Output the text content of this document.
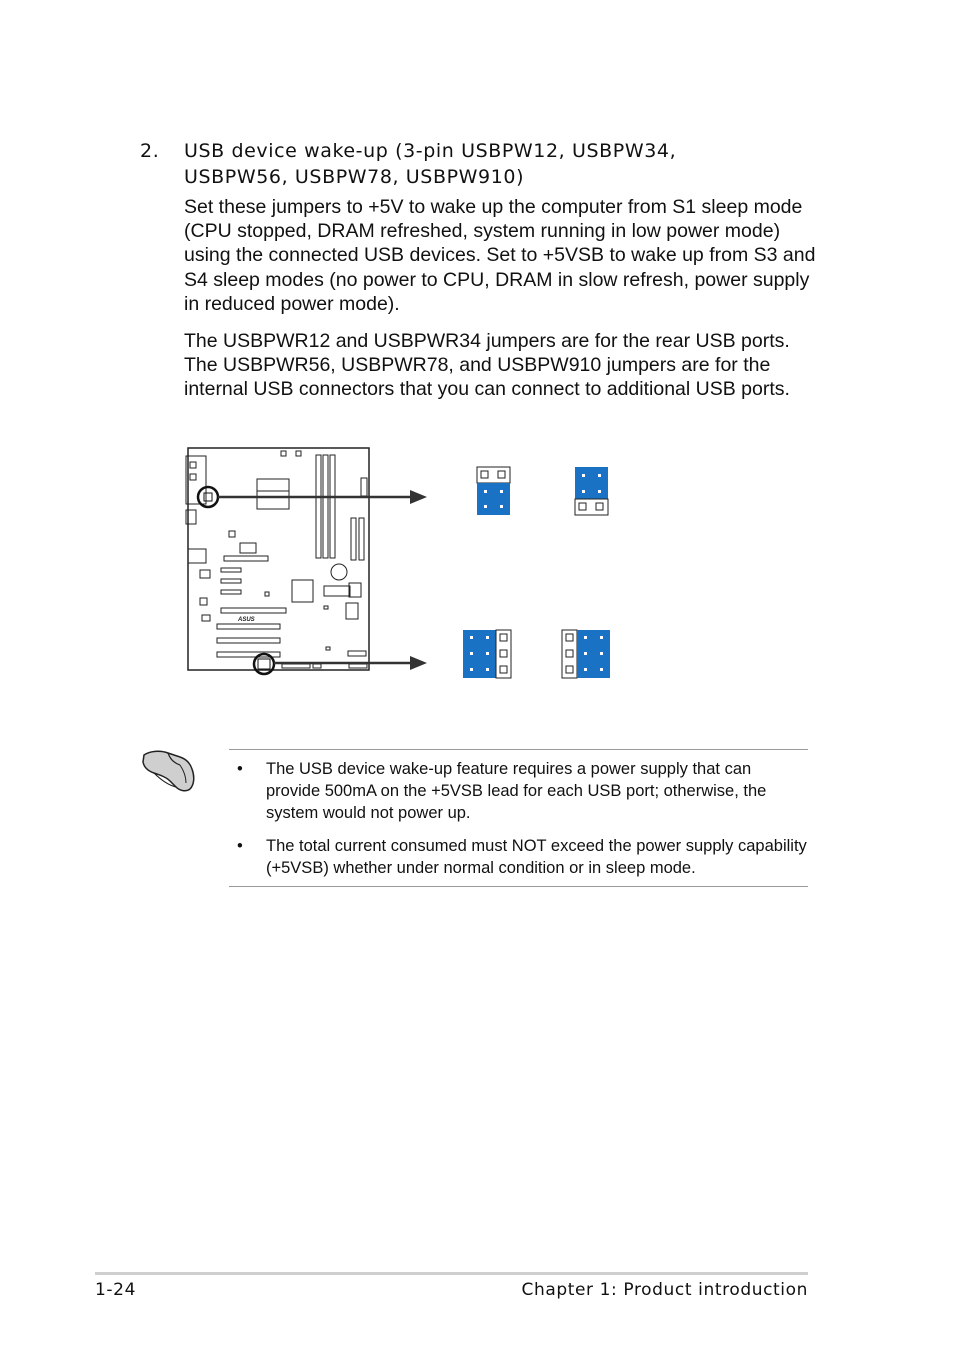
2. USB device wake-up (3-pin USBPW12, USBPW34, USBPW56, USBPW78, USBPW910)

Set these jumpers to +5V to wake up the computer from S1 sleep mode (CPU stopped, DRAM refreshed, system running in low power mode) using the connected USB devices. Set to +5VSB to wake up from S3 and S4 sleep modes (no power to CPU, DRAM in slow refresh, power supply in reduced power mode).

The USBPWR12 and USBPWR34 jumpers are for the rear USB ports. The USBPWR56, USBPWR78, and USBPW910 jumpers are for the internal USB connectors that you can connect to additional USB ports.

ASUS

• The USB device wake-up feature requires a power supply that can provide 500mA on the +5VSB lead for each USB port; otherwise, the system would not power up.

• The total current consumed must NOT exceed the power supply capability (+5VSB) whether under normal condition or in sleep mode.

1-24	Chapter 1: Product introduction
